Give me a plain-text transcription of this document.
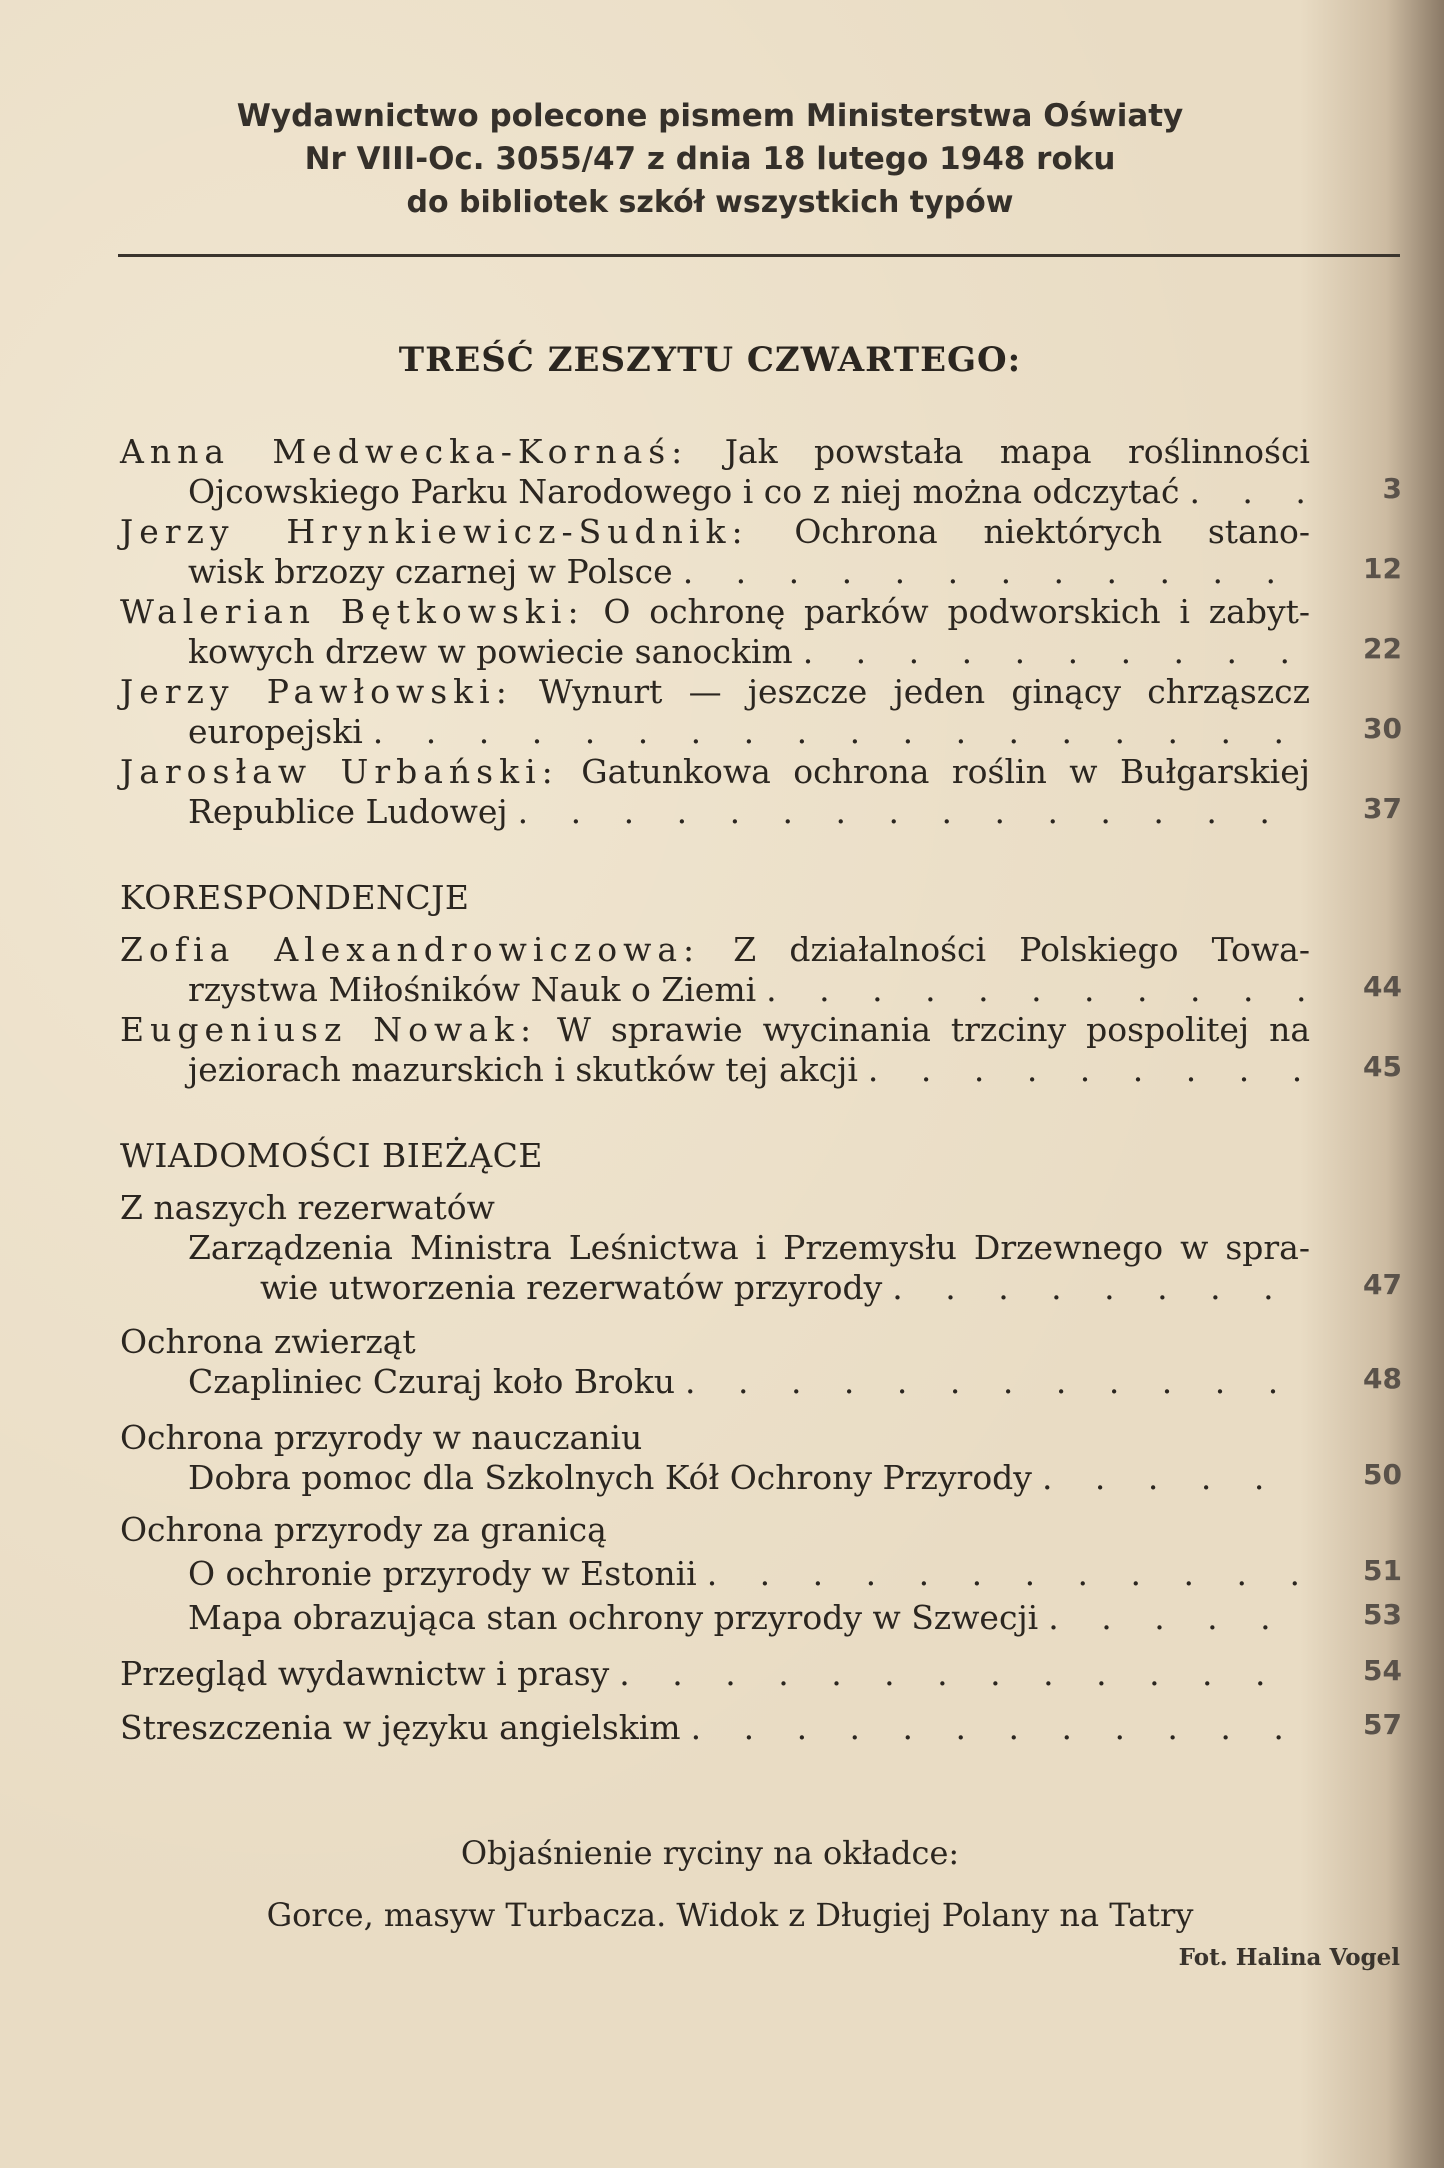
Wydawnictwo polecone pismem Ministerstwa Oświaty
Nr VIII-Oc. 3055/47 z dnia 18 lutego 1948 roku
do bibliotek szkół wszystkich typów
TREŚĆ ZESZYTU CZWARTEGO:
Anna Medwecka-Kornaś: Jak powstała mapa roślinności
Ojcowskiego Parku Narodowego i co z niej można odczytać . . .	3
Jerzy Hrynkiewicz-Sudnik: Ochrona niektórych stano-
wisk brzozy czarnej w Polsce . . .	12
Walerian Bętkowski: O ochronę parków podworskich i zabyt-
kowych drzew w powiecie sanockim . . .	22
Jerzy Pawłowski: Wynurt — jeszcze jeden ginący chrząszcz
europejski . . .	30
Jarosław Urbański: Gatunkowa ochrona roślin w Bułgarskiej
Republice Ludowej . . .	37
KORESPONDENCJE
Zofia Alexandrowiczowa: Z działalności Polskiego Towa-
rzystwa Miłośników Nauk o Ziemi . . .	44
Eugeniusz Nowak: W sprawie wycinania trzciny pospolitej na
jeziorach mazurskich i skutków tej akcji . . .	45
WIADOMOŚCI BIEŻĄCE
Z naszych rezerwatów
Zarządzenia Ministra Leśnictwa i Przemysłu Drzewnego w spra-
wie utworzenia rezerwatów przyrody . . .	47
Ochrona zwierząt
Czapliniec Czuraj koło Broku . . .	48
Ochrona przyrody w nauczaniu
Dobra pomoc dla Szkolnych Kół Ochrony Przyrody . . .	50
Ochrona przyrody za granicą
O ochronie przyrody w Estonii . . .	51
Mapa obrazująca stan ochrony przyrody w Szwecji . . .	53
Przegląd wydawnictw i prasy . . .	54
Streszczenia w języku angielskim . . .	57
Objaśnienie ryciny na okładce:
Gorce, masyw Turbacza. Widok z Długiej Polany na Tatry
Fot. Halina Vogel
